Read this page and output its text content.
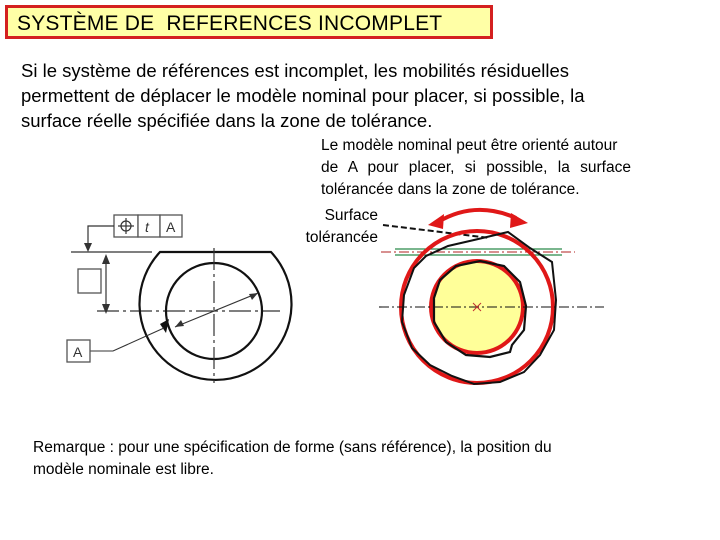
SYSTÈME DE  REFERENCES INCOMPLET
Si le système de références est incomplet, les mobilités résiduelles
permettent de déplacer le modèle nominal pour placer, si possible, la
surface réelle spécifiée dans la zone de tolérance.
Le modèle nominal peut être orienté autour
de A pour placer, si possible, la surface
tolérancée dans la zone de tolérance.
Surface
tolérancée
t A
A
Remarque : pour une spécification de forme (sans référence), la position du
modèle nominale est libre.
